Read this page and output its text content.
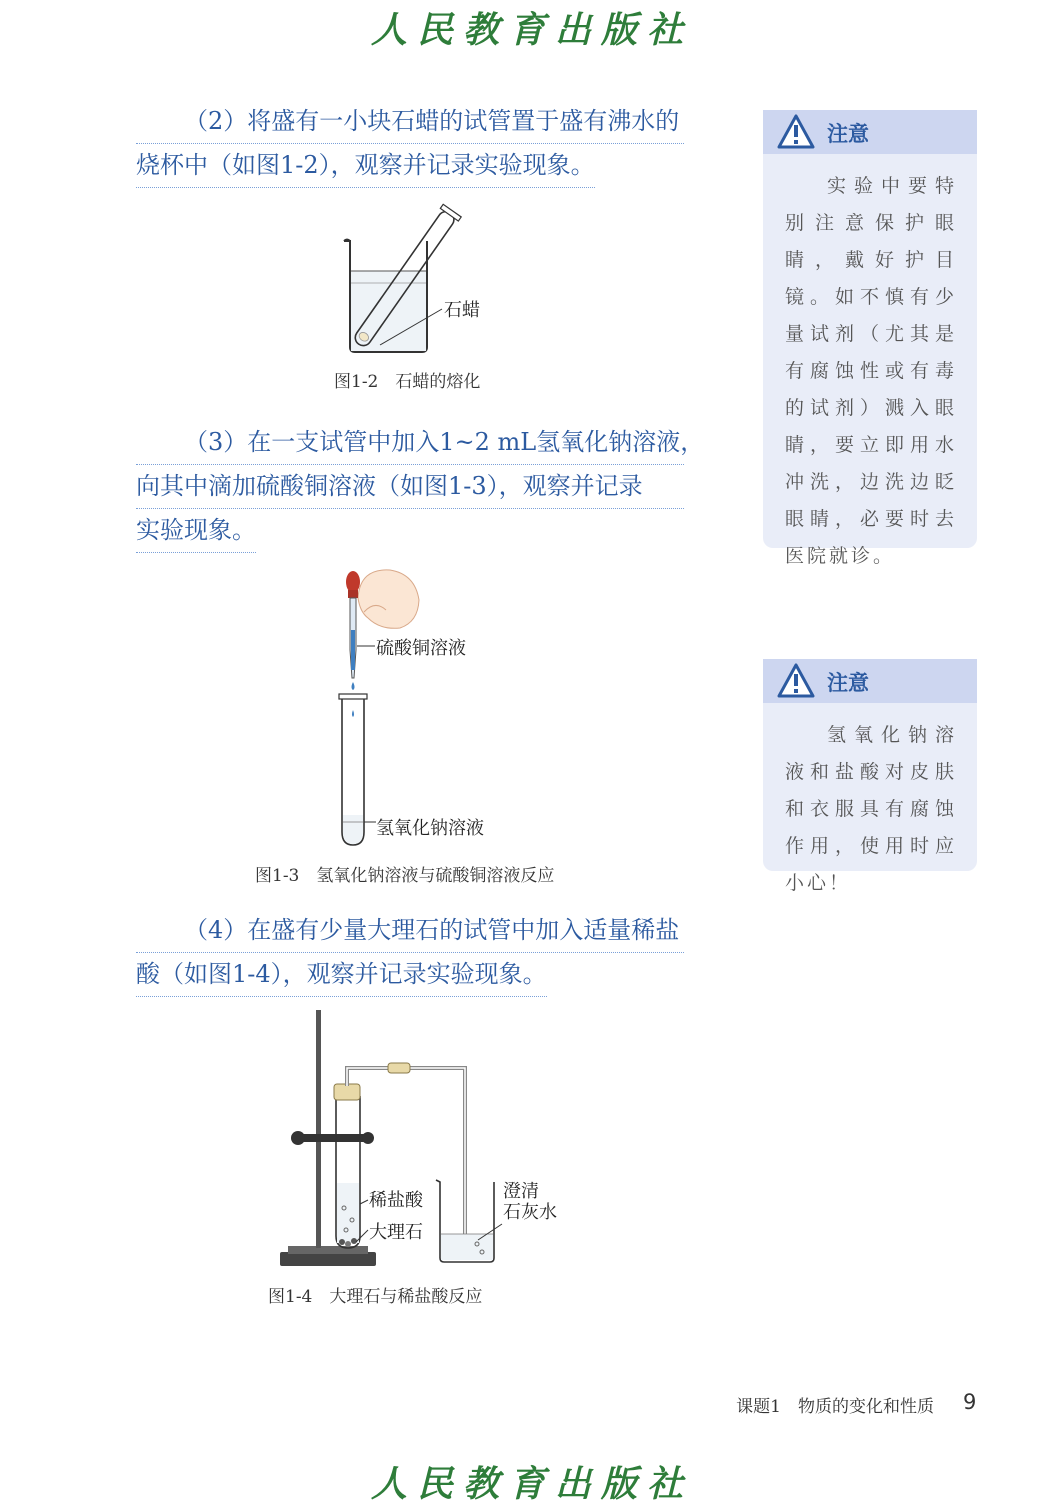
人民教育出版社
人民教育出版社
（2）将盛有一小块石蜡的试管置于盛有沸水的
烧杯中（如图1-2），观察并记录实验现象。
石蜡
图1-2　石蜡的熔化
（3）在一支试管中加入1~2 mL氢氧化钠溶液，
向其中滴加硫酸铜溶液（如图1-3），观察并记录
实验现象。
硫酸铜溶液
氢氧化钠溶液
图1-3　氢氧化钠溶液与硫酸铜溶液反应
（4）在盛有少量大理石的试管中加入适量稀盐
酸（如图1-4），观察并记录实验现象。
稀盐酸
大理石
澄清
石灰水
图1-4　大理石与稀盐酸反应
注意
实验中要特别注意保护眼睛，戴好护目镜。如不慎有少量试剂（尤其是有腐蚀性或有毒的试剂）溅入眼睛，要立即用水冲洗，边洗边眨眼睛，必要时去医院就诊。
注意
氢氧化钠溶液和盐酸对皮肤和衣服具有腐蚀作用，使用时应小心！
课题1　物质的变化和性质 9
